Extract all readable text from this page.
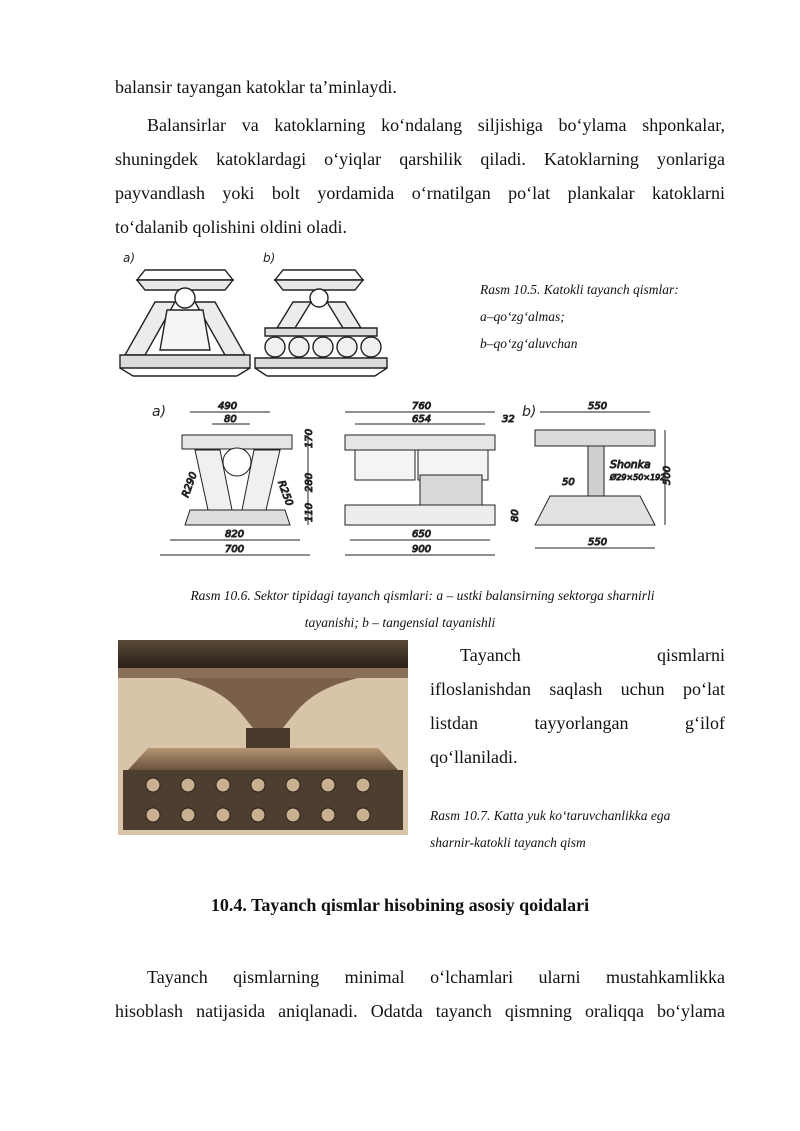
balansir tayangan katoklar ta’minlaydi.

Balansirlar va katoklarning ko‘ndalang siljishiga bo‘ylama shponkalar,
shuningdek katoklardagi o‘yiqlar qarshilik qiladi. Katoklarning yonlariga
payvandlash yoki bolt yordamida o‘rnatilgan po‘lat plankalar katoklarni
to‘dalanib qolishini oldini oladi.

a)	b)
Rasm 10.5. Katokli tayanch qismlar:
a–qo‘zg‘almas;
b–qo‘zg‘aluvchan
a)	b)
490
80
R290	R250
170
280
110
820
700
760
654	32
650
900
550
Shonka
Ø29×50×192
50	500
80
550
Rasm 10.6. Sektor tipidagi tayanch qismlari: a – ustki balansirning sektorga sharnirli
tayanishi; b – tangensial tayanishli
Tayanch	qismlarni
ifloslanishdan saqlash uchun po‘lat
listdan	tayyorlangan	g‘ilof
qo‘llaniladi.
Rasm 10.7. Katta yuk ko‘taruvchanlikka ega
sharnir-katokli tayanch qism
10.4. Tayanch qismlar hisobining asosiy qoidalari

Tayanch qismlarning minimal o‘lchamlari ularni mustahkamlikka
hisoblash natijasida aniqlanadi. Odatda tayanch qismning oraliqqa bo‘ylama
